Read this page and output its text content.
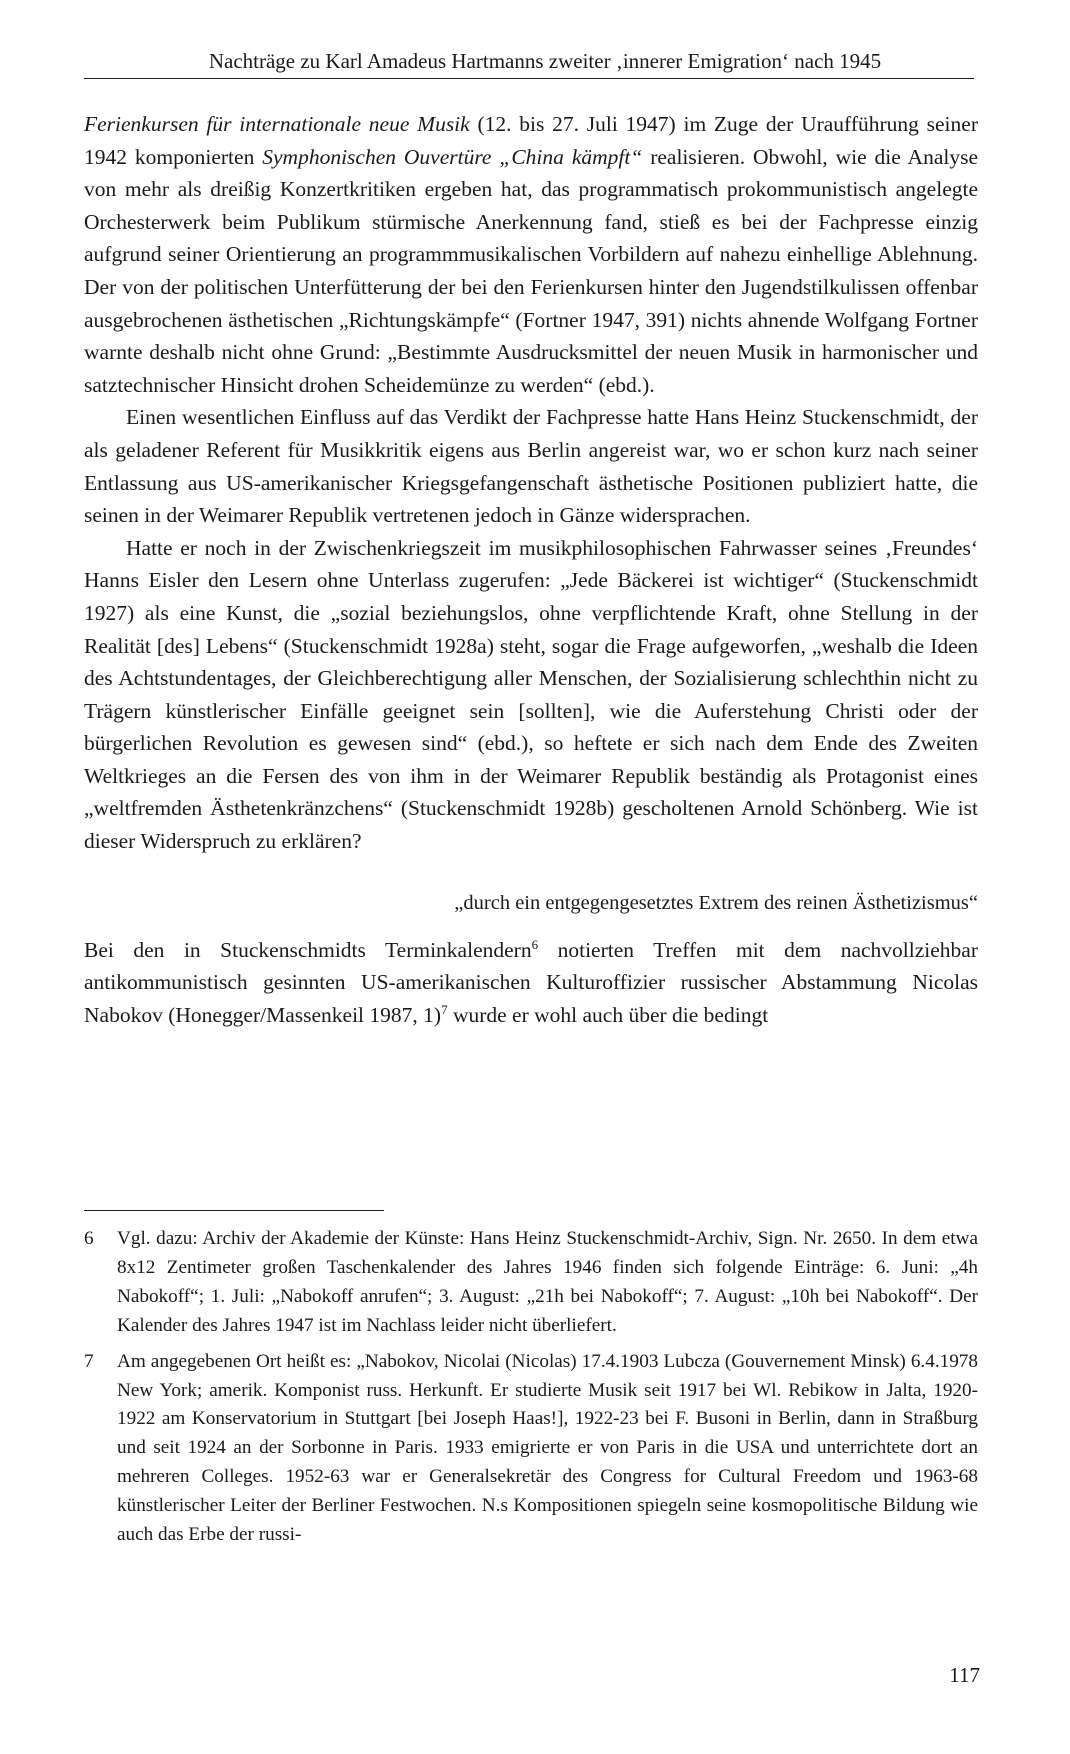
Nachträge zu Karl Amadeus Hartmanns zweiter ‚innerer Emigration‘ nach 1945

Ferienkursen für internationale neue Musik (12. bis 27. Juli 1947) im Zuge der Uraufführung seiner 1942 komponierten Symphonischen Ouvertüre „China kämpft“ realisieren. Obwohl, wie die Analyse von mehr als dreißig Konzertkritiken ergeben hat, das programmatisch prokommunistisch angelegte Orchesterwerk beim Publikum stürmische Anerkennung fand, stieß es bei der Fachpresse einzig aufgrund seiner Orientierung an programmmusikalischen Vorbildern auf nahezu einhellige Ablehnung. Der von der politischen Unterfütterung der bei den Ferienkursen hinter den Jugendstilkulissen offenbar ausgebrochenen ästhetischen „Richtungskämpfe“ (Fortner 1947, 391) nichts ahnende Wolfgang Fortner warnte deshalb nicht ohne Grund: „Bestimmte Ausdrucksmittel der neuen Musik in harmonischer und satztechnischer Hinsicht drohen Scheidemünze zu werden“ (ebd.).

Einen wesentlichen Einfluss auf das Verdikt der Fachpresse hatte Hans Heinz Stuckenschmidt, der als geladener Referent für Musikkritik eigens aus Berlin angereist war, wo er schon kurz nach seiner Entlassung aus US-amerikanischer Kriegsgefangenschaft ästhetische Positionen publiziert hatte, die seinen in der Weimarer Republik vertretenen jedoch in Gänze widersprachen.

Hatte er noch in der Zwischenkriegszeit im musikphilosophischen Fahrwasser seines ‚Freundes‘ Hanns Eisler den Lesern ohne Unterlass zugerufen: „Jede Bäckerei ist wichtiger“ (Stuckenschmidt 1927) als eine Kunst, die „sozial beziehungslos, ohne verpflichtende Kraft, ohne Stellung in der Realität [des] Lebens“ (Stuckenschmidt 1928a) steht, sogar die Frage aufgeworfen, „weshalb die Ideen des Achtstundentages, der Gleichberechtigung aller Menschen, der Sozialisierung schlechthin nicht zu Trägern künstlerischer Einfälle geeignet sein [sollten], wie die Auferstehung Christi oder der bürgerlichen Revolution es gewesen sind“ (ebd.), so heftete er sich nach dem Ende des Zweiten Weltkrieges an die Fersen des von ihm in der Weimarer Republik beständig als Protagonist eines „weltfremden Ästhetenkränzchens“ (Stuckenschmidt 1928b) gescholtenen Arnold Schönberg. Wie ist dieser Widerspruch zu erklären?

„durch ein entgegengesetztes Extrem des reinen Ästhetizismus“

Bei den in Stuckenschmidts Terminkalendern$^6$ notierten Treffen mit dem nachvollziehbar antikommunistisch gesinnten US-amerikanischen Kulturoffizier russischer Abstammung Nicolas Nabokov (Honegger/Massenkeil 1987, 1)$^7$ wurde er wohl auch über die bedingt

6 Vgl. dazu: Archiv der Akademie der Künste: Hans Heinz Stuckenschmidt-Archiv, Sign. Nr. 2650. In dem etwa 8x12 Zentimeter großen Taschenkalender des Jahres 1946 finden sich folgende Einträge: 6. Juni: „4h Nabokoff“; 1. Juli: „Nabokoff anrufen“; 3. August: „21h bei Nabokoff“; 7. August: „10h bei Nabokoff“. Der Kalender des Jahres 1947 ist im Nachlass leider nicht überliefert.
7 Am angegebenen Ort heißt es: „Nabokov, Nicolai (Nicolas) 17.4.1903 Lubcza (Gouvernement Minsk) 6.4.1978 New York; amerik. Komponist russ. Herkunft. Er studierte Musik seit 1917 bei Wl. Rebikow in Jalta, 1920-1922 am Konservatorium in Stuttgart [bei Joseph Haas!], 1922-23 bei F. Busoni in Berlin, dann in Straßburg und seit 1924 an der Sorbonne in Paris. 1933 emigrierte er von Paris in die USA und unterrichtete dort an mehreren Colleges. 1952-63 war er Generalsekretär des Congress for Cultural Freedom und 1963-68 künstlerischer Leiter der Berliner Festwochen. N.s Kompositionen spiegeln seine kosmopolitische Bildung wie auch das Erbe der russi-
117
